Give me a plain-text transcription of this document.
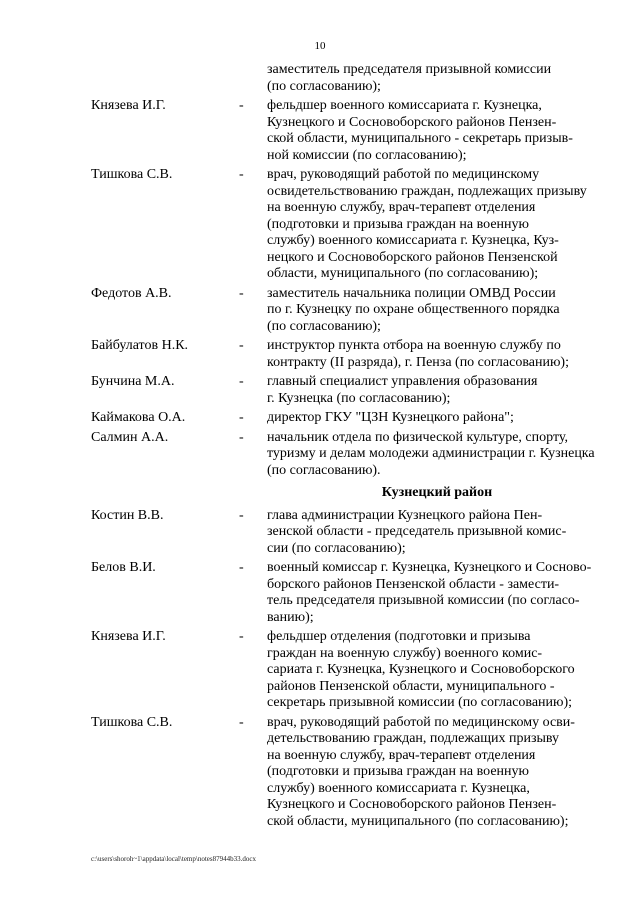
10
заместитель председателя призывной комиссии
(по согласованию);
Князева И.Г.	-	фельдшер военного комиссариата г. Кузнецка,
Кузнецкого и Сосновоборского районов Пензен-
ской области, муниципального - секретарь призыв-
ной комиссии (по согласованию);
Тишкова С.В.	-	врач, руководящий работой по медицинскому
освидетельствованию граждан, подлежащих призыву
на военную службу, врач-терапевт отделения
(подготовки и призыва граждан на военную
службу) военного комиссариата г. Кузнецка, Куз-
нецкого и Сосновоборского районов Пензенской
области, муниципального (по согласованию);
Федотов А.В.	-	заместитель начальника полиции ОМВД России
по г. Кузнецку по охране общественного порядка
(по согласованию);
Байбулатов Н.К.	-	инструктор пункта отбора на военную службу по
контракту (II разряда), г. Пенза (по согласованию);
Бунчина М.А.	-	главный специалист управления образования
г. Кузнецка (по согласованию);
Каймакова О.А.	-	директор ГКУ "ЦЗН Кузнецкого района";
Салмин А.А.	-	начальник отдела по физической культуре, спорту,
туризму и делам молодежи администрации г. Кузнецка
(по согласованию).
Кузнецкий район
Костин В.В.	-	глава администрации Кузнецкого района Пен-
зенской области - председатель призывной комис-
сии (по согласованию);
Белов В.И.	-	военный комиссар г. Кузнецка, Кузнецкого и Сосново-
борского районов Пензенской области - замести-
тель председателя призывной комиссии (по согласо-
ванию);
Князева И.Г.	-	фельдшер отделения (подготовки и призыва
граждан на военную службу) военного комис-
сариата г. Кузнецка, Кузнецкого и Сосновоборского
районов Пензенской области, муниципального -
секретарь призывной комиссии (по согласованию);
Тишкова С.В.	-	врач, руководящий работой по медицинскому осви-
детельствованию граждан, подлежащих призыву
на военную службу, врач-терапевт отделения
(подготовки и призыва граждан на военную
службу) военного комиссариата г. Кузнецка,
Кузнецкого и Сосновоборского районов Пензен-
ской области, муниципального (по согласованию);
c:\users\shoroh~1\appdata\local\temp\notes87944b33.docx
